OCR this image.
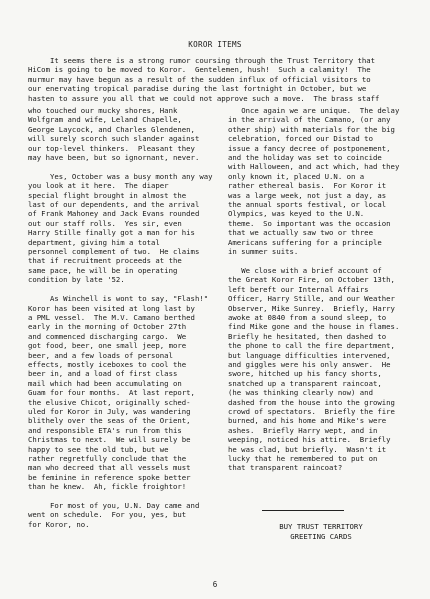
KOROR ITEMS
It seems there is a strong rumor coursing through the Trust Territory that
HiCom is going to be moved to Koror.  Gentelemen, hush!  Such a calamity!  The
murmur may have begun as a result of the sudden influx of official visitors to
our enervating tropical paradise during the last fortnight in October, but we
hasten to assure you all that we could not approve such a move.  The brass staff

who touched our mucky shores, Hank
Wolfgram and wife, Leland Chapelle,
George Laycock, and Charles Glendenen,
will surely scorch such slander against
our top-level thinkers.  Pleasant they
may have been, but so ignornant, never.

Yes, October was a busy month any way
you look at it here.  The diaper
special flight brought in almost the
last of our dependents, and the arrival
of Frank Mahoney and Jack Evans rounded
out our staff rolls.  Yes sir, even
Harry Stille finally got a man for his
department, giving him a total
personnel complement of two.  He claims
that if recruitment proceeds at the
same pace, he will be in operating
condition by late '52.

As Winchell is wont to say, "Flash!"
Koror has been visited at long last by
a PML vessel.  The M.V. Camano berthed
early in the morning of October 27th
and commenced discharging cargo.  We
got food, beer, one small jeep, more
beer, and a few loads of personal
effects, mostly iceboxes to cool the
beer in, and a load of first class
mail which had been accumulating on
Guam for four months.  At last report,
the elusive Chicot, originally sched-
uled for Koror in July, was wandering
blithely over the seas of the Orient,
and responsible ETA's run from this
Christmas to next.  We will surely be
happy to see the old tub, but we
rather regretfully conclude that the
man who decreed that all vessels must
be feminine in reference spoke better
than he knew.  Ah, fickle froightor!

For most of you, U.N. Day came and
went on schedule.  For you, yes, but
for Koror, no.

Once again we are unique.  The delay
in the arrival of the Camano, (or any
other ship) with materials for the big
celebration, forced our Distad to
issue a fancy decree of postponement,
and the holiday was set to coincide
with Halloween, and act which, had they
only known it, placed U.N. on a
rather ethereal basis.  For Koror it
was a large week, not just a day, as
the annual sports festival, or local
Olympics, was keyed to the U.N.
theme.  So important was the occasion
that we actually saw two or three
Americans suffering for a principle
in summer suits.

We close with a brief account of
the Great Koror Fire, on October 13th,
left bereft our Internal Affairs
Officer, Harry Stille, and our Weather
Observer, Mike Sunrey.  Briefly, Harry
awoke at 0840 from a sound sleep, to
find Mike gone and the house in flames.
Briefly he hesitated, then dashed to
the phone to call the fire department,
but language difficulties intervened,
and giggles were his only answer.  He
swore, hitched up his fancy shorts,
snatched up a transparent raincoat,
(he was thinking clearly now) and
dashed from the house into the growing
crowd of spectators.  Briefly the fire
burned, and his home and Mike's were
ashes.  Briefly Harry wept, and in
weeping, noticed his attire.  Briefly
he was clad, but briefly.  Wasn't it
lucky that he remembered to put on
that transparent raincoat?

BUY TRUST TERRITORY
GREETING CARDS
6
